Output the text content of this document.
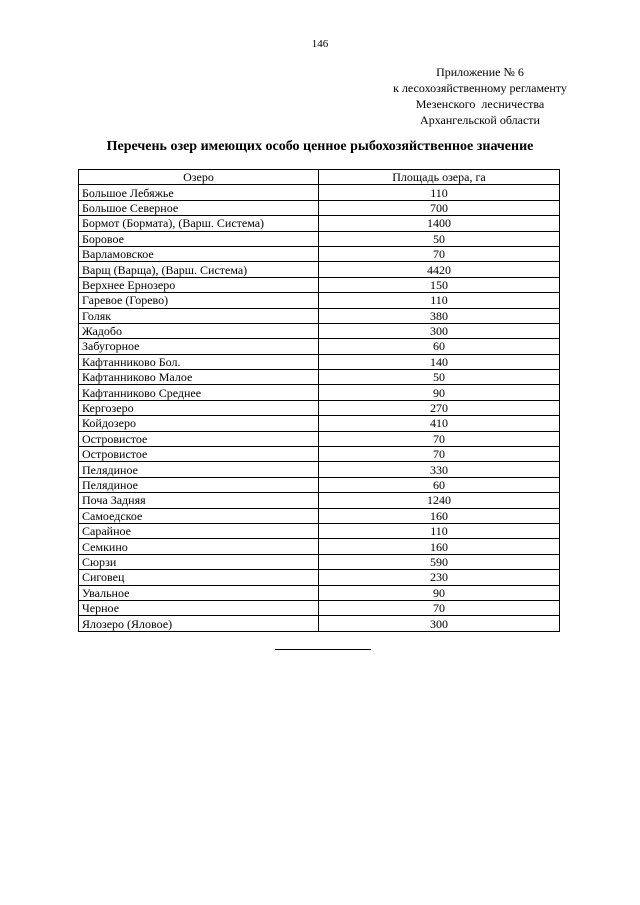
146
Приложение № 6
к лесохозяйственному регламенту
Мезенского  лесничества
Архангельской области
Перечень озер имеющих особо ценное рыбохозяйственное значение
Озеро	Площадь озера, га
Большое Лебяжье	110
Большое Северное	700
Бормот (Бормата), (Варш. Система)	1400
Боровое	50
Варламовское	70
Варщ (Варща), (Варш. Система)	4420
Верхнее Ернозеро	150
Гаревое (Горево)	110
Голяк	380
Жадобо	300
Забугорное	60
Кафтанниково Бол.	140
Кафтанниково Малое	50
Кафтанниково Среднее	90
Кергозеро	270
Койдозеро	410
Островистое	70
Островистое	70
Пелядиное	330
Пелядиное	60
Поча Задняя	1240
Самоедское	160
Сарайное	110
Семкино	160
Сюрзи	590
Сиговец	230
Увальное	90
Черное	70
Ялозеро (Яловое)	300
